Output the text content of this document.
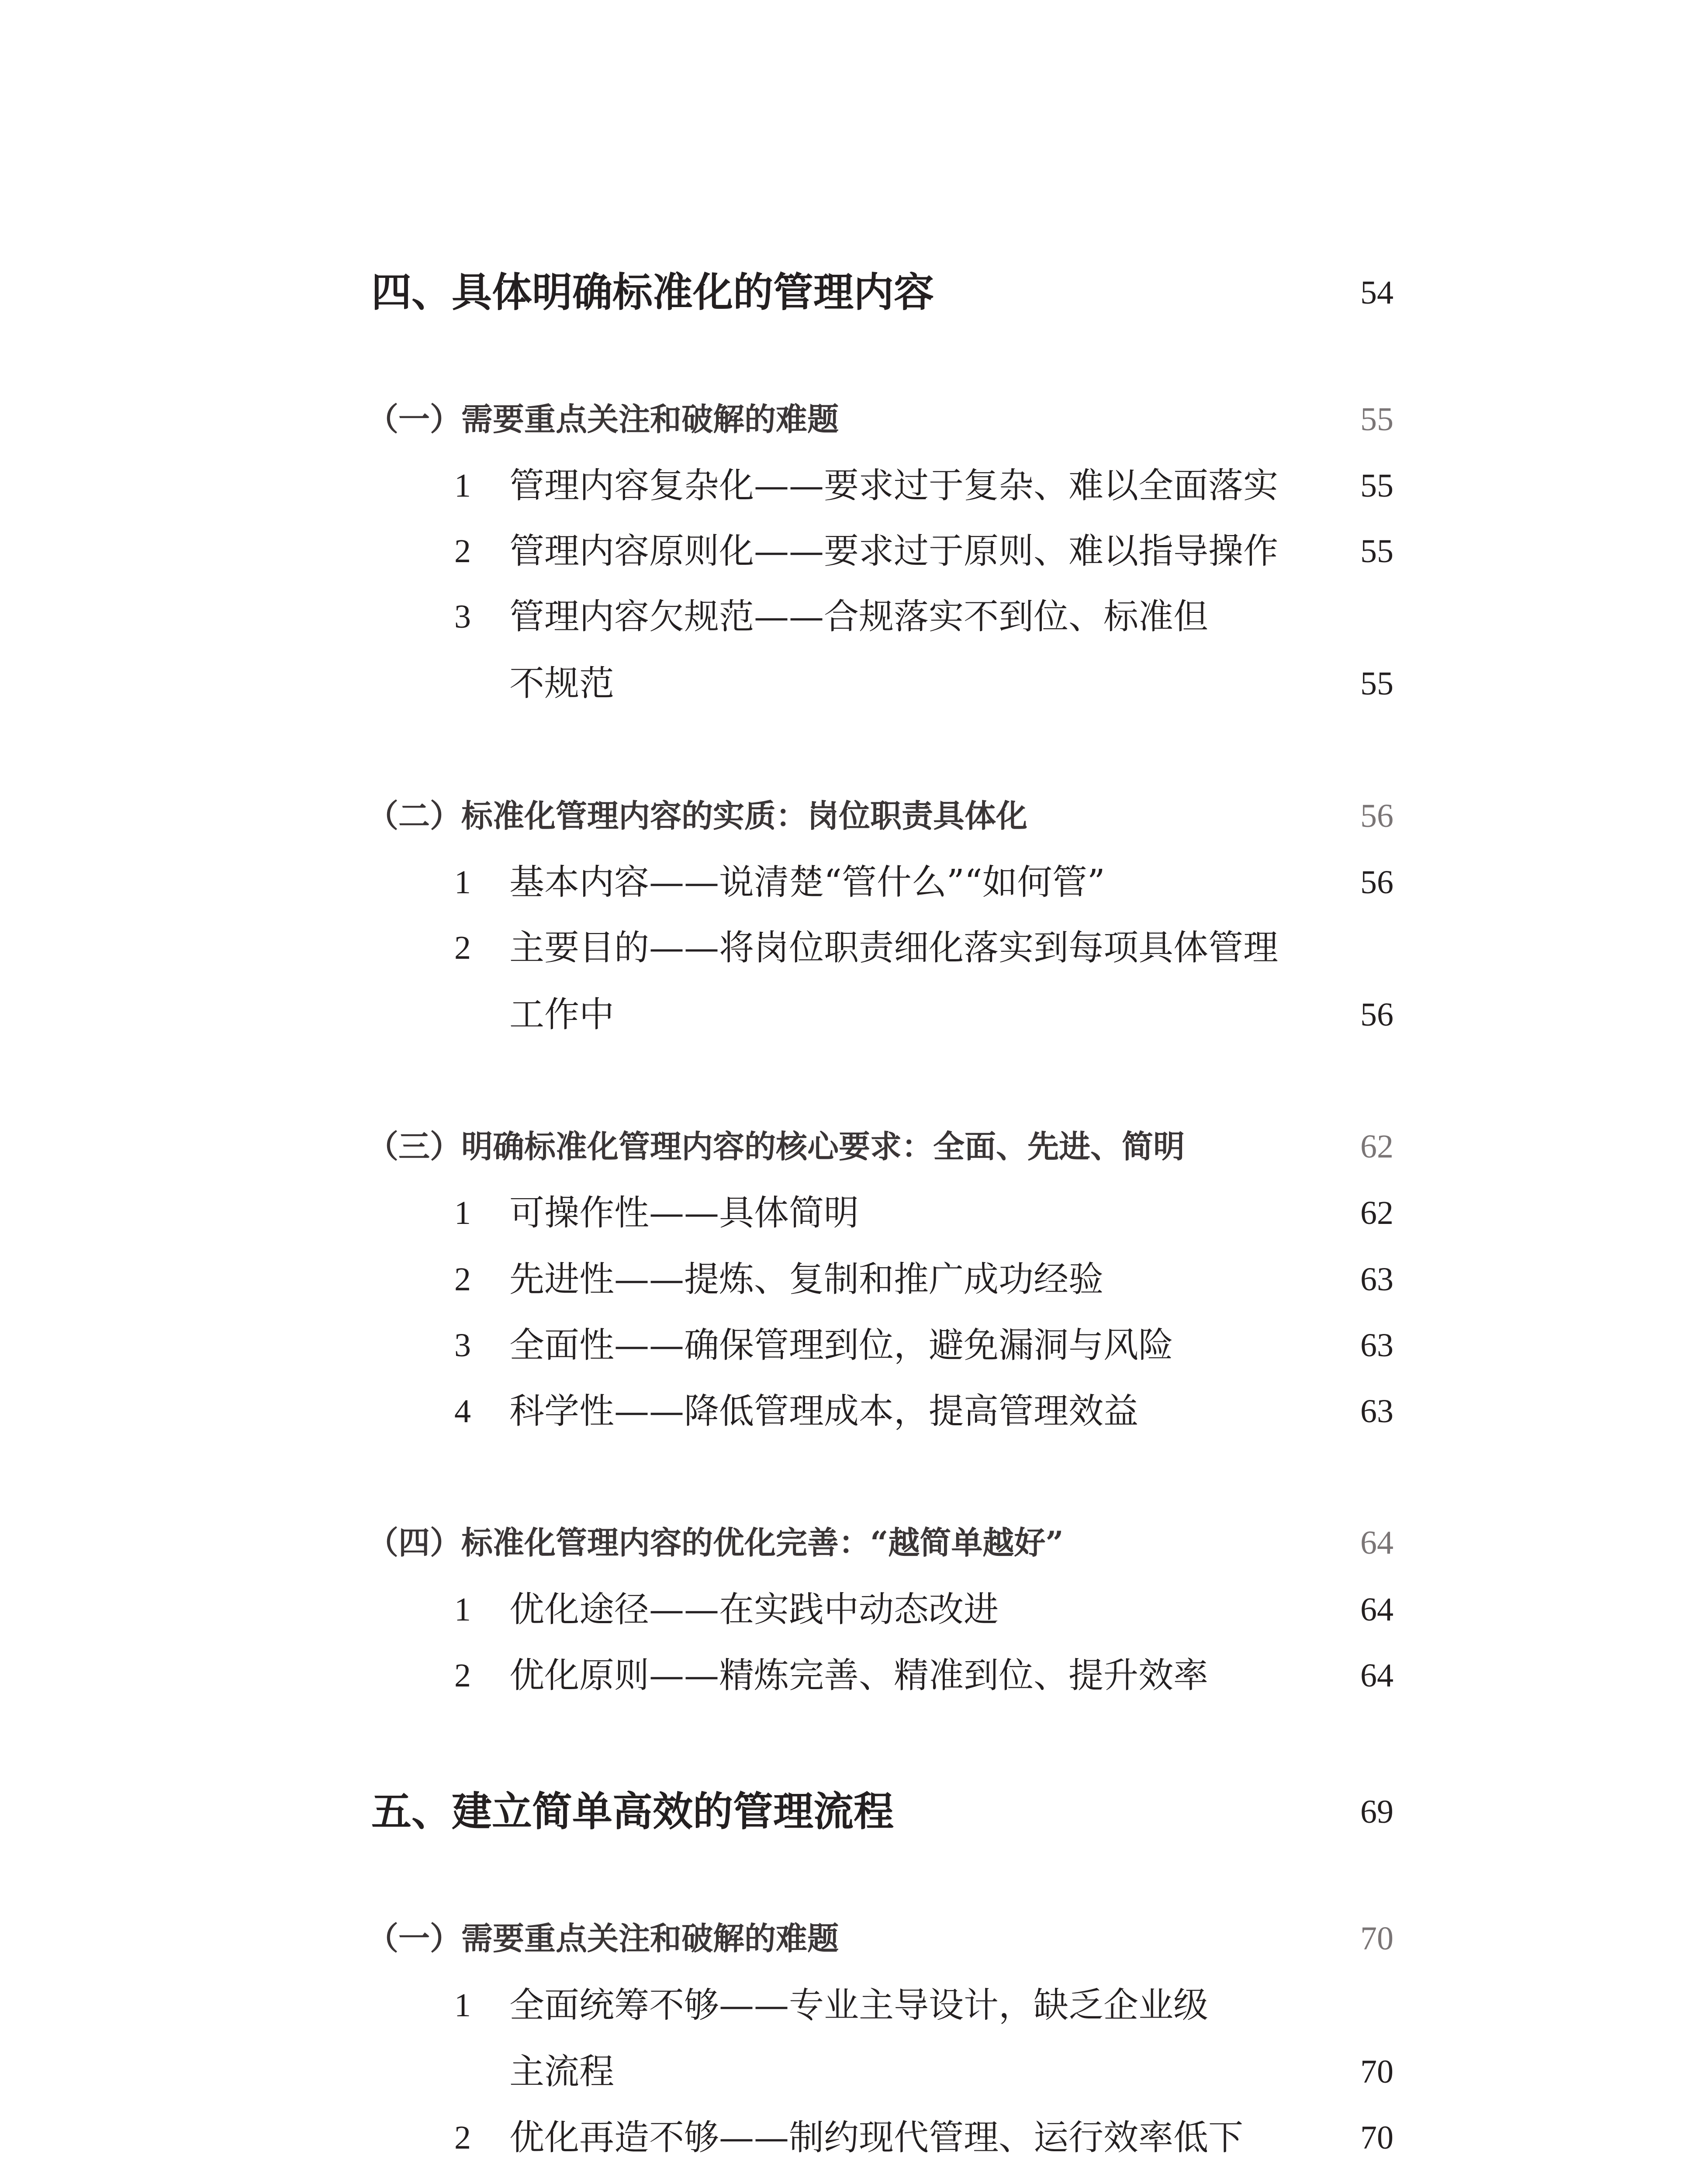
四、具体明确标准化的管理内容	54
（一）需要重点关注和破解的难题	55
1 管理内容复杂化——要求过于复杂、难以全面落实 55
2 管理内容原则化——要求过于原则、难以指导操作 55
3 管理内容欠规范——合规落实不到位、标准但
不规范	55
（二）标准化管理内容的实质：岗位职责具体化	56
1 基本内容——说清楚“管什么”“如何管”	56
2 主要目的——将岗位职责细化落实到每项具体管理
工作中	56
（三）明确标准化管理内容的核心要求：全面、先进、简明	62
1 可操作性——具体简明	62
2 先进性——提炼、复制和推广成功经验	63
3 全面性——确保管理到位，避免漏洞与风险	63
4 科学性——降低管理成本，提高管理效益	63
（四）标准化管理内容的优化完善：“越简单越好”	64
1 优化途径——在实践中动态改进	64
2 优化原则——精炼完善、精准到位、提升效率	64
五、建立简单高效的管理流程	69
（一）需要重点关注和破解的难题	70
1 全面统筹不够——专业主导设计，缺乏企业级
主流程	70
2 优化再造不够——制约现代管理、运行效率低下	70
